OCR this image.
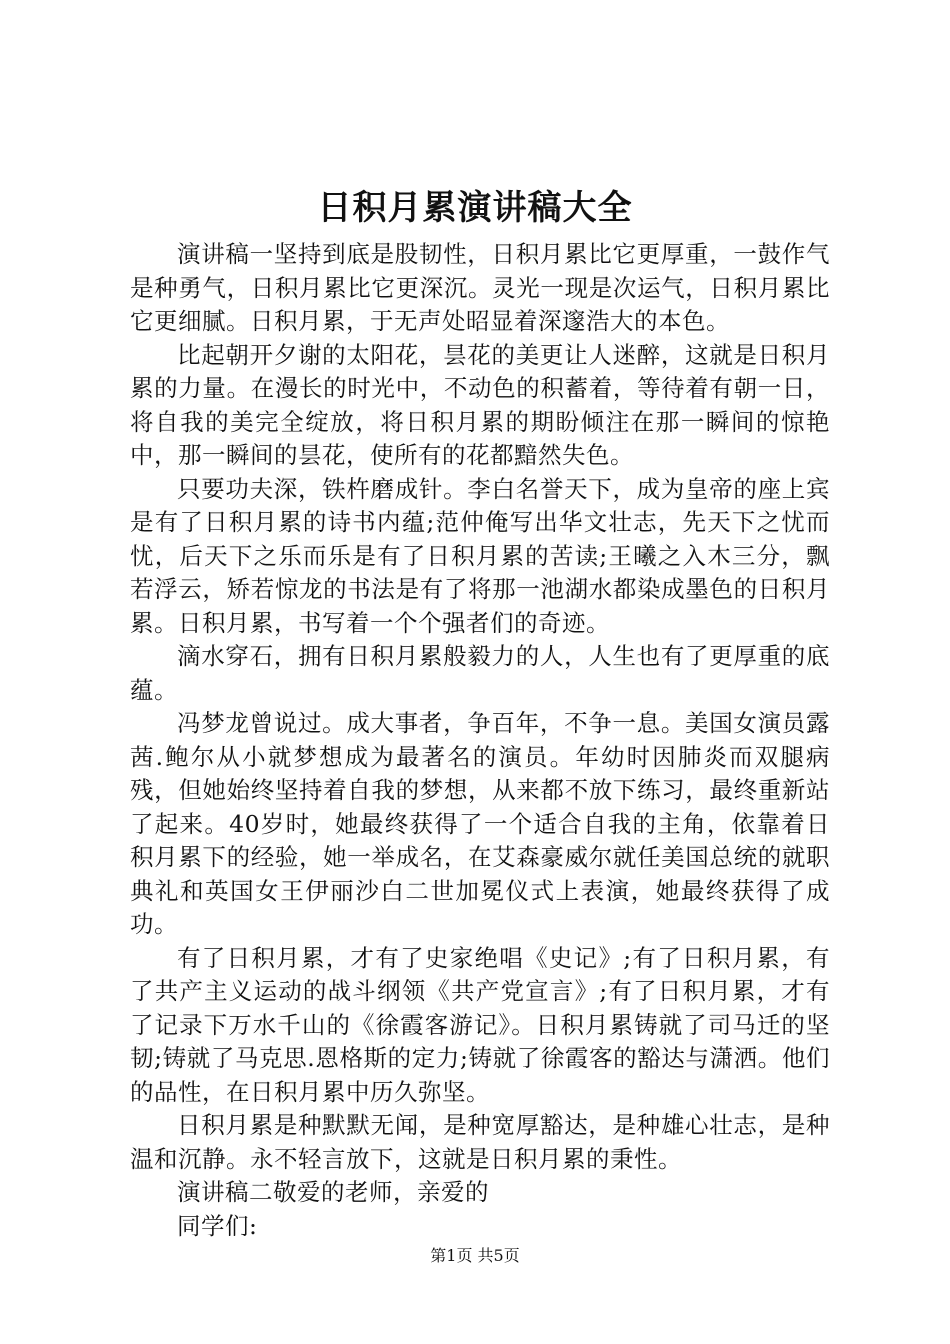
日积月累演讲稿大全

演讲稿一坚持到底是股韧性，日积月累比它更厚重，一鼓作气是种勇气，日积月累比它更深沉。灵光一现是次运气，日积月累比它更细腻。日积月累，于无声处昭显着深邃浩大的本色。

比起朝开夕谢的太阳花，昙花的美更让人迷醉，这就是日积月累的力量。在漫长的时光中，不动色的积蓄着，等待着有朝一日，将自我的美完全绽放，将日积月累的期盼倾注在那一瞬间的惊艳中，那一瞬间的昙花，使所有的花都黯然失色。

只要功夫深，铁杵磨成针。李白名誉天下，成为皇帝的座上宾是有了日积月累的诗书内蕴;范仲俺写出华文壮志，先天下之忧而忧，后天下之乐而乐是有了日积月累的苦读;王曦之入木三分，飘若浮云，矫若惊龙的书法是有了将那一池湖水都染成墨色的日积月累。日积月累，书写着一个个强者们的奇迹。

滴水穿石，拥有日积月累般毅力的人，人生也有了更厚重的底蕴。

冯梦龙曾说过。成大事者，争百年，不争一息。美国女演员露茜.鲍尔从小就梦想成为最著名的演员。年幼时因肺炎而双腿病残，但她始终坚持着自我的梦想，从来都不放下练习，最终重新站了起来。40岁时，她最终获得了一个适合自我的主角，依靠着日积月累下的经验，她一举成名，在艾森豪威尔就任美国总统的就职典礼和英国女王伊丽沙白二世加冕仪式上表演，她最终获得了成功。

有了日积月累，才有了史家绝唱《史记》;有了日积月累，有了共产主义运动的战斗纲领《共产党宣言》;有了日积月累，才有了记录下万水千山的《徐霞客游记》。日积月累铸就了司马迁的坚韧;铸就了马克思.恩格斯的定力;铸就了徐霞客的豁达与潇洒。他们的品性，在日积月累中历久弥坚。

日积月累是种默默无闻，是种宽厚豁达，是种雄心壮志，是种温和沉静。永不轻言放下，这就是日积月累的秉性。

演讲稿二敬爱的老师，亲爱的

同学们:

第1页 共5页
